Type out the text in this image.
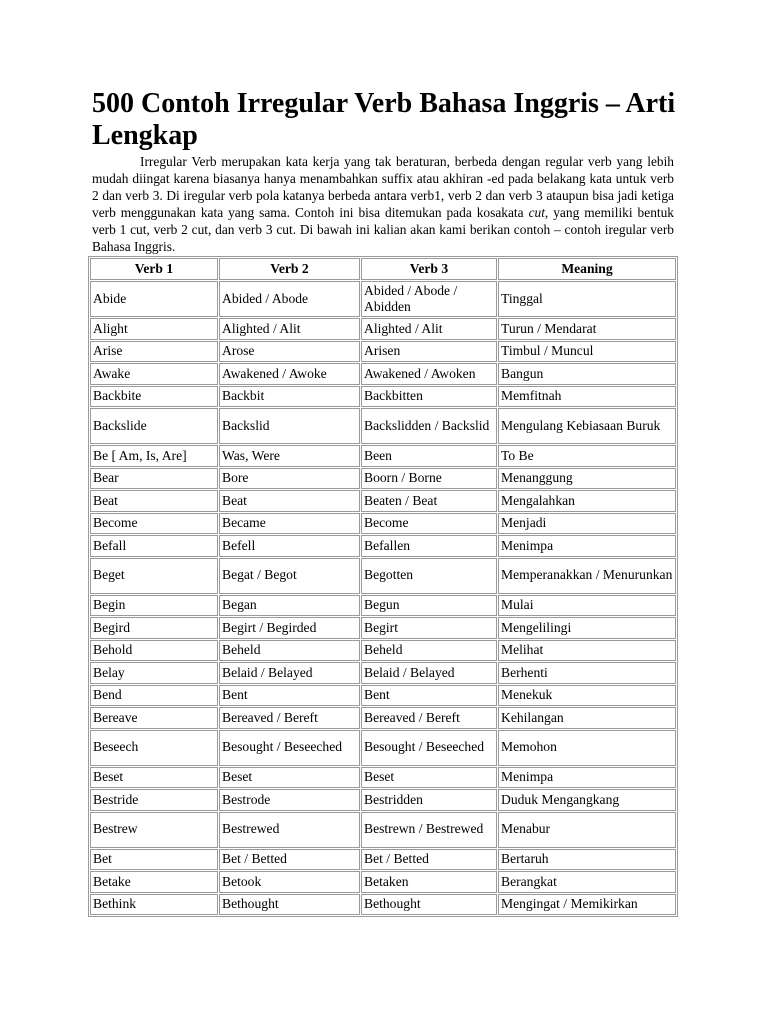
500 Contoh Irregular Verb Bahasa Inggris – Arti Lengkap

Irregular Verb merupakan kata kerja yang tak beraturan, berbeda dengan regular verb yang lebih mudah diingat karena biasanya hanya menambahkan suffix atau akhiran -ed pada belakang kata untuk verb 2 dan verb 3. Di iregular verb pola katanya berbeda antara verb1, verb 2 dan verb 3 ataupun bisa jadi ketiga verb menggunakan kata yang sama. Contoh ini bisa ditemukan pada kosakata cut, yang memiliki bentuk verb 1 cut, verb 2 cut, dan verb 3 cut. Di bawah ini kalian akan kami berikan contoh – contoh iregular verb Bahasa Inggris.

Verb 1	Verb 2	Verb 3	Meaning
Abide	Abided / Abode	Abided / Abode / Abidden	Tinggal
Alight	Alighted / Alit	Alighted / Alit	Turun / Mendarat
Arise	Arose	Arisen	Timbul / Muncul
Awake	Awakened / Awoke	Awakened / Awoken	Bangun
Backbite	Backbit	Backbitten	Memfitnah
Backslide	Backslid	Backslidden / Backslid	Mengulang Kebiasaan Buruk
Be [ Am, Is, Are]	Was, Were	Been	To Be
Bear	Bore	Boorn / Borne	Menanggung
Beat	Beat	Beaten / Beat	Mengalahkan
Become	Became	Become	Menjadi
Befall	Befell	Befallen	Menimpa
Beget	Begat / Begot	Begotten	Memperanakkan / Menurunkan
Begin	Began	Begun	Mulai
Begird	Begirt / Begirded	Begirt	Mengelilingi
Behold	Beheld	Beheld	Melihat
Belay	Belaid / Belayed	Belaid / Belayed	Berhenti
Bend	Bent	Bent	Menekuk
Bereave	Bereaved / Bereft	Bereaved / Bereft	Kehilangan
Beseech	Besought / Beseeched	Besought / Beseeched	Memohon
Beset	Beset	Beset	Menimpa
Bestride	Bestrode	Bestridden	Duduk Mengangkang
Bestrew	Bestrewed	Bestrewn / Bestrewed	Menabur
Bet	Bet / Betted	Bet / Betted	Bertaruh
Betake	Betook	Betaken	Berangkat
Bethink	Bethought	Bethought	Mengingat / Memikirkan
